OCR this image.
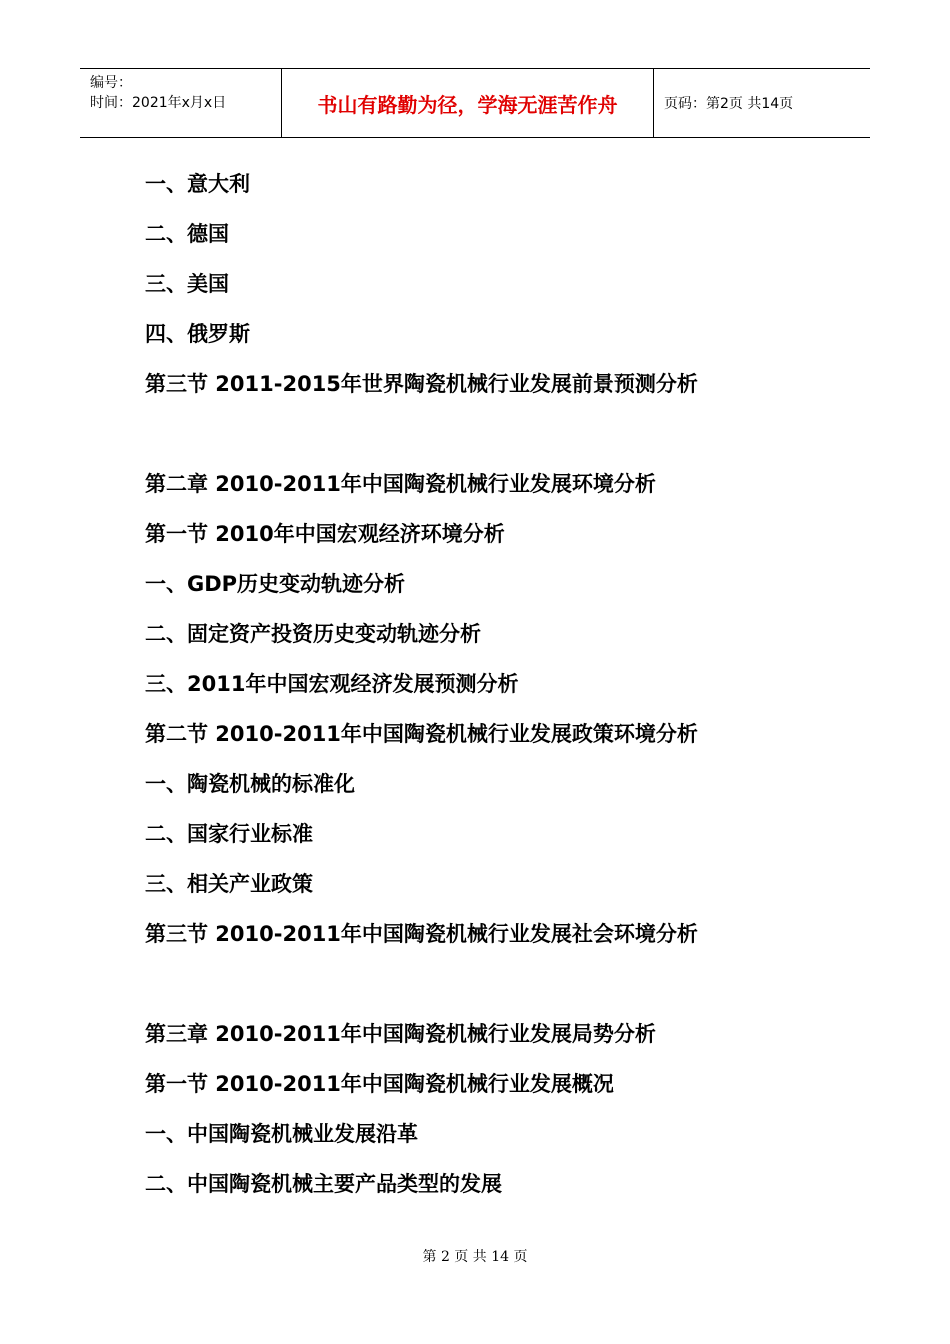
编号：
时间：2021年x月x日	书山有路勤为径，学海无涯苦作舟	页码：第2页 共14页
一、意大利
二、德国
三、美国
四、俄罗斯
第三节 2011-2015年世界陶瓷机械行业发展前景预测分析
第二章 2010-2011年中国陶瓷机械行业发展环境分析
第一节 2010年中国宏观经济环境分析
一、GDP历史变动轨迹分析
二、固定资产投资历史变动轨迹分析
三、2011年中国宏观经济发展预测分析
第二节 2010-2011年中国陶瓷机械行业发展政策环境分析
一、陶瓷机械的标准化
二、国家行业标准
三、相关产业政策
第三节 2010-2011年中国陶瓷机械行业发展社会环境分析
第三章 2010-2011年中国陶瓷机械行业发展局势分析
第一节 2010-2011年中国陶瓷机械行业发展概况
一、中国陶瓷机械业发展沿革
二、中国陶瓷机械主要产品类型的发展
第 2 页 共 14 页
